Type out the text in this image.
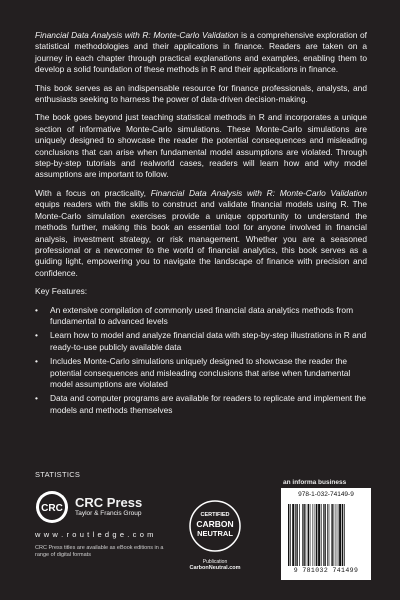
Financial Data Analysis with R: Monte-Carlo Validation is a comprehensive exploration of statistical methodologies and their applications in finance. Readers are taken on a journey in each chapter through practical explanations and examples, enabling them to develop a solid foundation of these methods in R and their applications in finance.

This book serves as an indispensable resource for finance professionals, analysts, and enthusiasts seeking to harness the power of data-driven decision-making.

The book goes beyond just teaching statistical methods in R and incorporates a unique section of informative Monte-Carlo simulations. These Monte-Carlo simulations are uniquely designed to showcase the reader the potential consequences and misleading conclusions that can arise when fundamental model assumptions are violated. Through step-by-step tutorials and realworld cases, readers will learn how and why model assumptions are important to follow.

With a focus on practicality, Financial Data Analysis with R: Monte-Carlo Validation equips readers with the skills to construct and validate financial models using R. The Monte-Carlo simulation exercises provide a unique opportunity to understand the methods further, making this book an essential tool for anyone involved in financial analysis, investment strategy, or risk management. Whether you are a seasoned professional or a newcomer to the world of financial analytics, this book serves as a guiding light, empowering you to navigate the landscape of finance with precision and confidence.

Key Features:

• An extensive compilation of commonly used financial data analytics methods from fundamental to advanced levels
• Learn how to model and analyze financial data with step-by-step illustrations in R and ready-to-use publicly available data
• Includes Monte-Carlo simulations uniquely designed to showcase the reader the potential consequences and misleading conclusions that arise when fundamental model assumptions are violated
• Data and computer programs are available for readers to replicate and implement the models and methods themselves
STATISTICS
CRC CRC Press
Taylor & Francis Group
w w w . r o u t l e d g e . c o m
CRC Press titles are available as eBook editions in a range of digital formats
CERTIFIED
CARBON
NEUTRAL
Publication
CarbonNeutral.com
an informa business
978-1-032-74149-9
9 781032 741499
